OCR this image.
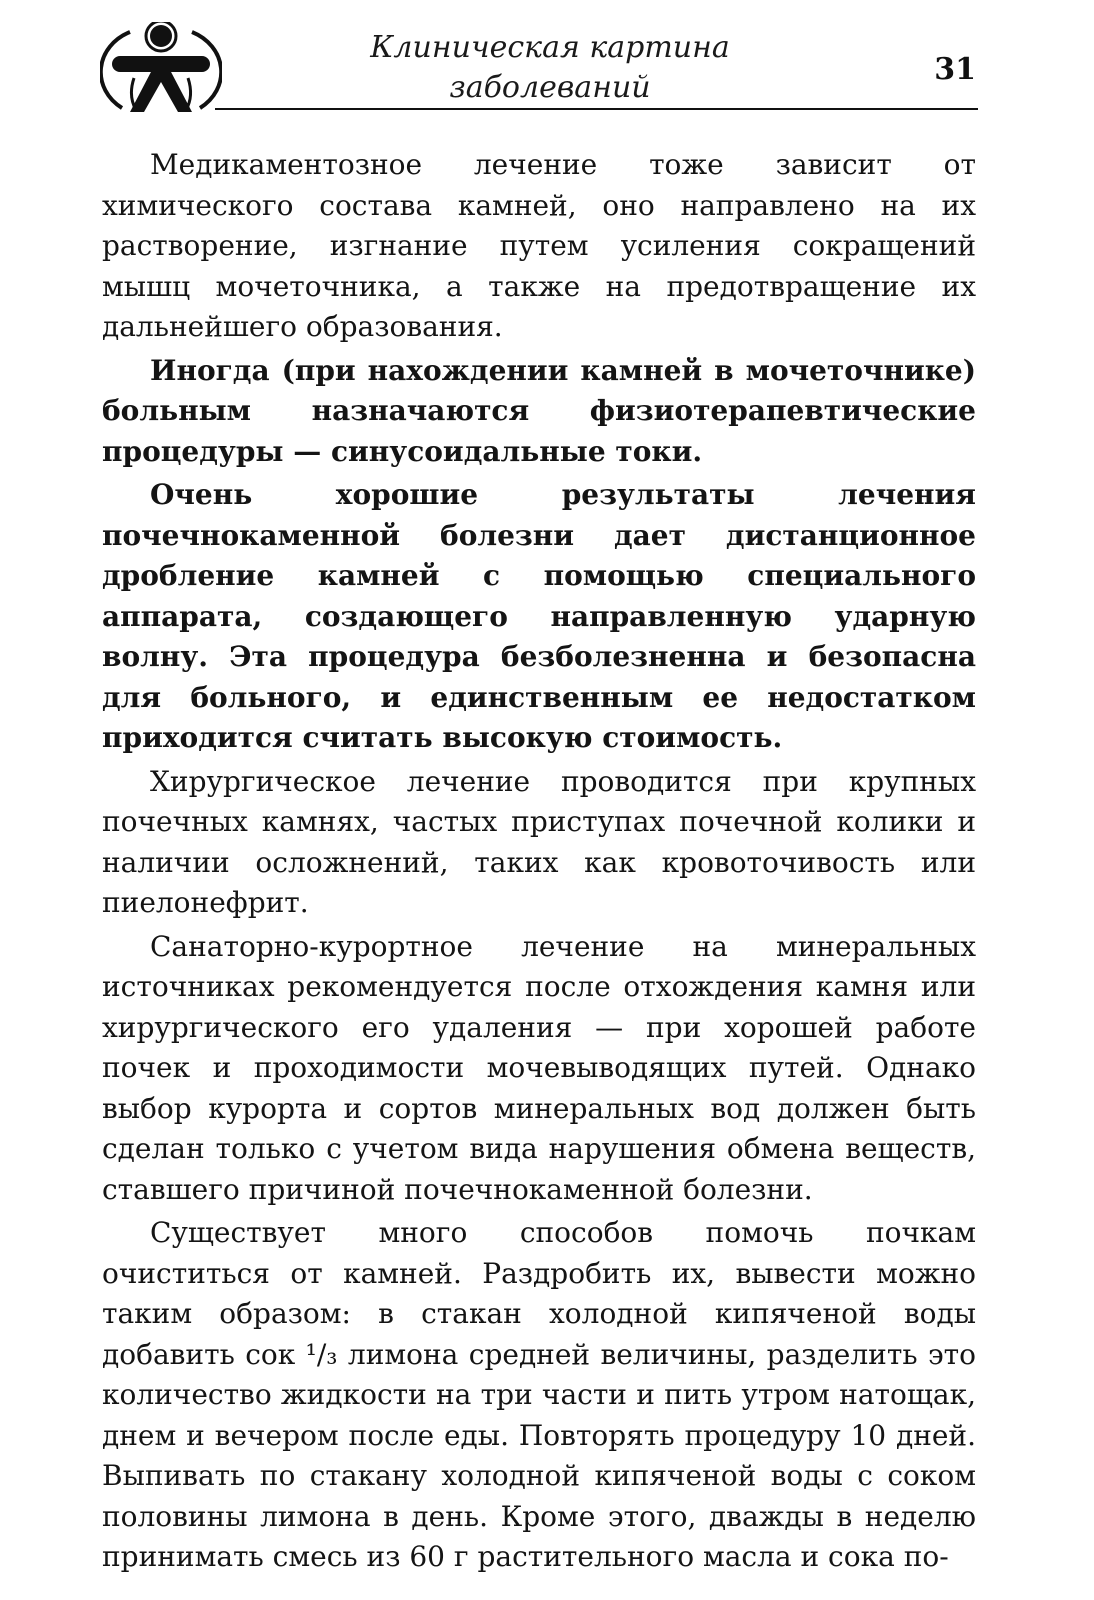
Клиническая картина
заболеваний
31

Медикаментозное лечение тоже зависит от химического состава камней, оно направлено на их растворение, изгнание путем усиления сокращений мышц мочеточника, а также на предотвращение их дальнейшего образования.

Иногда (при нахождении камней в мочеточнике) больным назначаются физиотерапевтические процедуры — синусоидальные токи.

Очень хорошие результаты лечения почечнокаменной болезни дает дистанционное дробление камней с помощью специального аппарата, создающего направленную ударную волну. Эта процедура безболезненна и безопасна для больного, и единственным ее недостатком приходится считать высокую стоимость.

Хирургическое лечение проводится при крупных почечных камнях, частых приступах почечной колики и наличии осложнений, таких как кровоточивость или пиелонефрит.

Санаторно-курортное лечение на минеральных источниках рекомендуется после отхождения камня или хирургического его удаления — при хорошей работе почек и проходимости мочевыводящих путей. Однако выбор курорта и сортов минеральных вод должен быть сделан только с учетом вида нарушения обмена веществ, ставшего причиной почечнокаменной болезни.

Существует много способов помочь почкам очиститься от камней. Раздробить их, вывести можно таким образом: в стакан холодной кипяченой воды добавить сок ¹/₃ лимона средней величины, разделить это количество жидкости на три части и пить утром натощак, днем и вечером после еды. Повторять процедуру 10 дней. Выпивать по стакану холодной кипяченой воды с соком половины лимона в день. Кроме этого, дважды в неделю принимать смесь из 60 г растительного масла и сока по-
